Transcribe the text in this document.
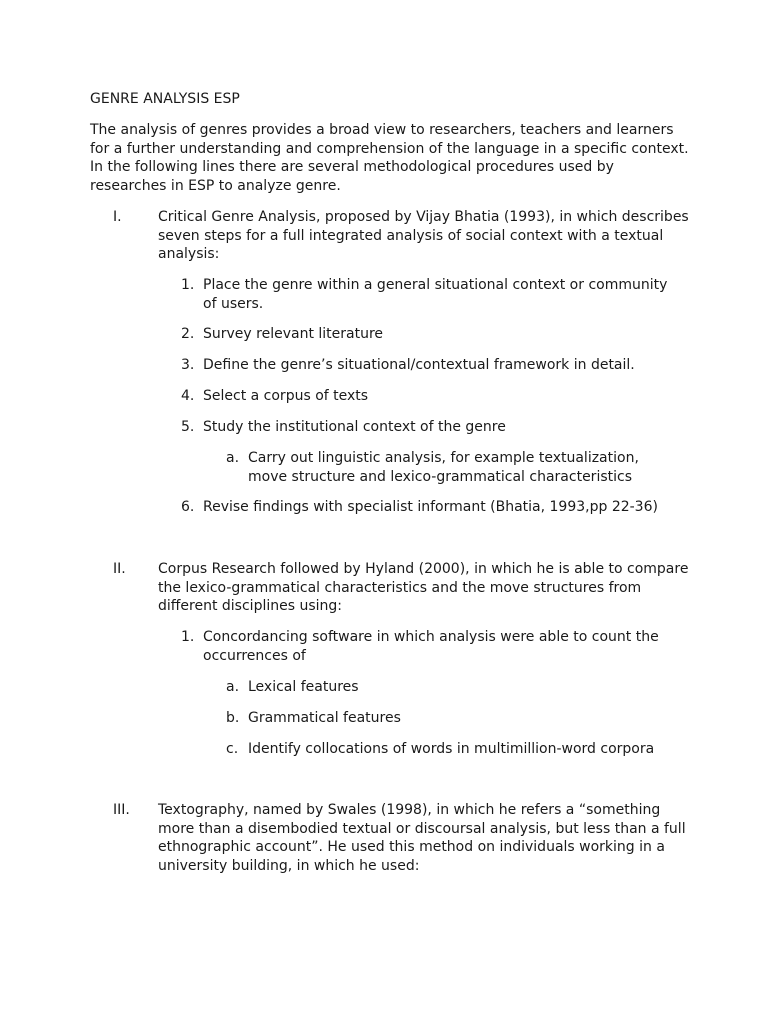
GENRE ANALYSIS ESP
The analysis of genres provides a broad view to researchers, teachers and learners for a further understanding and comprehension of the language in a specific context. In the following lines there are several methodological procedures used by researches in ESP to analyze genre.
I.	Critical Genre Analysis, proposed by Vijay Bhatia (1993), in which describes seven steps for a full integrated analysis of social context with a textual analysis:
1. Place the genre within a general situational context or community of users.
2. Survey relevant literature
3. Define the genre’s situational/contextual framework in detail.
4. Select a corpus of texts
5. Study the institutional context of the genre
a. Carry out linguistic analysis, for example textualization, move structure and lexico-grammatical characteristics
6. Revise findings with specialist informant (Bhatia, 1993,pp 22-36)
II. Corpus Research followed by Hyland (2000), in which he is able to compare the lexico-grammatical characteristics and the move structures from different disciplines using:
1. Concordancing software in which analysis were able to count the occurrences of
a. Lexical features
b. Grammatical features
c. Identify collocations of words in multimillion-word corpora
III. Textography, named by Swales (1998), in which he refers a “something more than a disembodied textual or discoursal analysis, but less than a full ethnographic account”. He used this method on individuals working in a university building, in which he used:
